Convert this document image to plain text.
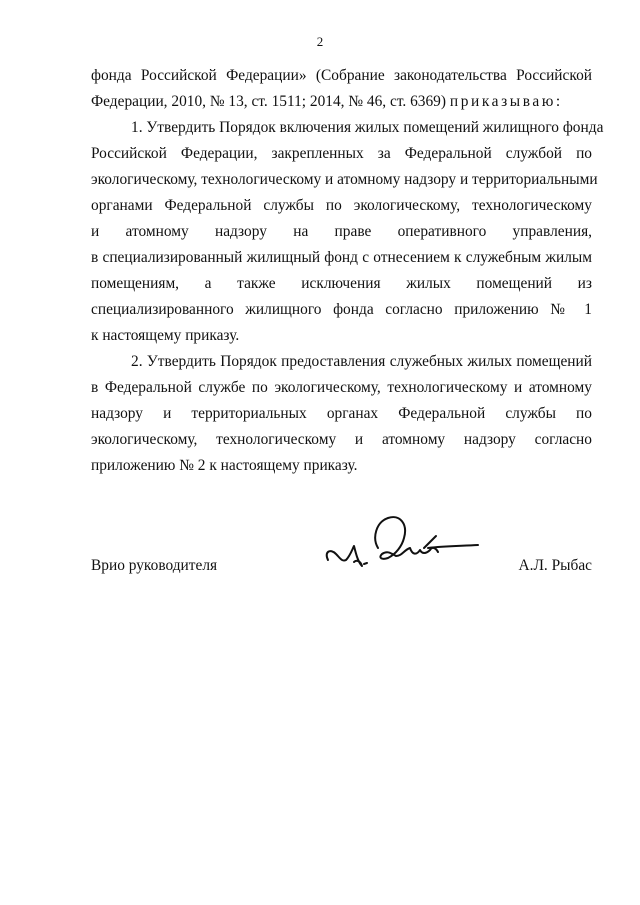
2
фонда Российской Федерации» (Собрание законодательства Российской
Федерации, 2010, № 13, ст. 1511; 2014, № 46, ст. 6369) приказываю:
1. Утвердить Порядок включения жилых помещений жилищного фонда
Российской Федерации, закрепленных за Федеральной службой по
экологическому, технологическому и атомному надзору и территориальными
органами Федеральной службы по экологическому, технологическому
и атомному надзору на праве оперативного управления,
в специализированный жилищный фонд с отнесением к служебным жилым
помещениям, а также исключения жилых помещений из
специализированного жилищного фонда согласно приложению № 1
к настоящему приказу.
2. Утвердить Порядок предоставления служебных жилых помещений
в Федеральной службе по экологическому, технологическому и атомному
надзору и территориальных органах Федеральной службы по
экологическому, технологическому и атомному надзору согласно
приложению № 2 к настоящему приказу.
Врио руководителя	А.Л. Рыбас
